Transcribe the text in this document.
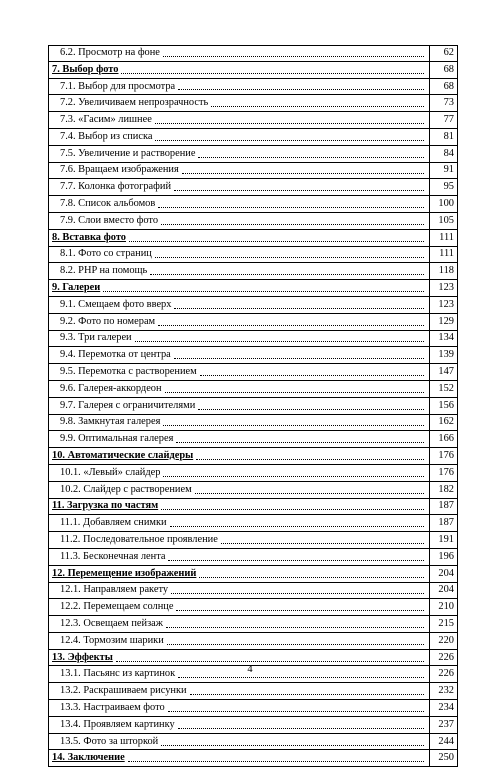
6.2. Просмотр на фоне	62
7. Выбор фото	68
7.1. Выбор для просмотра	68
7.2. Увеличиваем непрозрачность	73
7.3. «Гасим» лишнее	77
7.4. Выбор из списка	81
7.5. Увеличение и растворение	84
7.6. Вращаем изображения	91
7.7. Колонка фотографий	95
7.8. Список альбомов	100
7.9. Слои вместо фото	105
8. Вставка фото	111
8.1. Фото со страниц	111
8.2. PHP на помощь	118
9. Галереи	123
9.1. Смещаем фото вверх	123
9.2. Фото по номерам	129
9.3. Три галереи	134
9.4. Перемотка от центра	139
9.5. Перемотка с растворением	147
9.6. Галерея-аккордеон	152
9.7. Галерея с ограничителями	156
9.8. Замкнутая галерея	162
9.9. Оптимальная галерея	166
10. Автоматические слайдеры	176
10.1. «Левый» слайдер	176
10.2. Слайдер с растворением	182
11. Загрузка по частям	187
11.1. Добавляем снимки	187
11.2. Последовательное проявление	191
11.3. Бесконечная лента	196
12. Перемещение изображений	204
12.1. Направляем ракету	204
12.2. Перемещаем солнце	210
12.3. Освещаем пейзаж	215
12.4. Тормозим шарики	220
13. Эффекты	226
13.1. Пасьянс из картинок	226
13.2. Раскрашиваем рисунки	232
13.3. Настраиваем фото	234
13.4. Проявляем картинку	237
13.5. Фото за шторкой	244
14. Заключение	250
4
